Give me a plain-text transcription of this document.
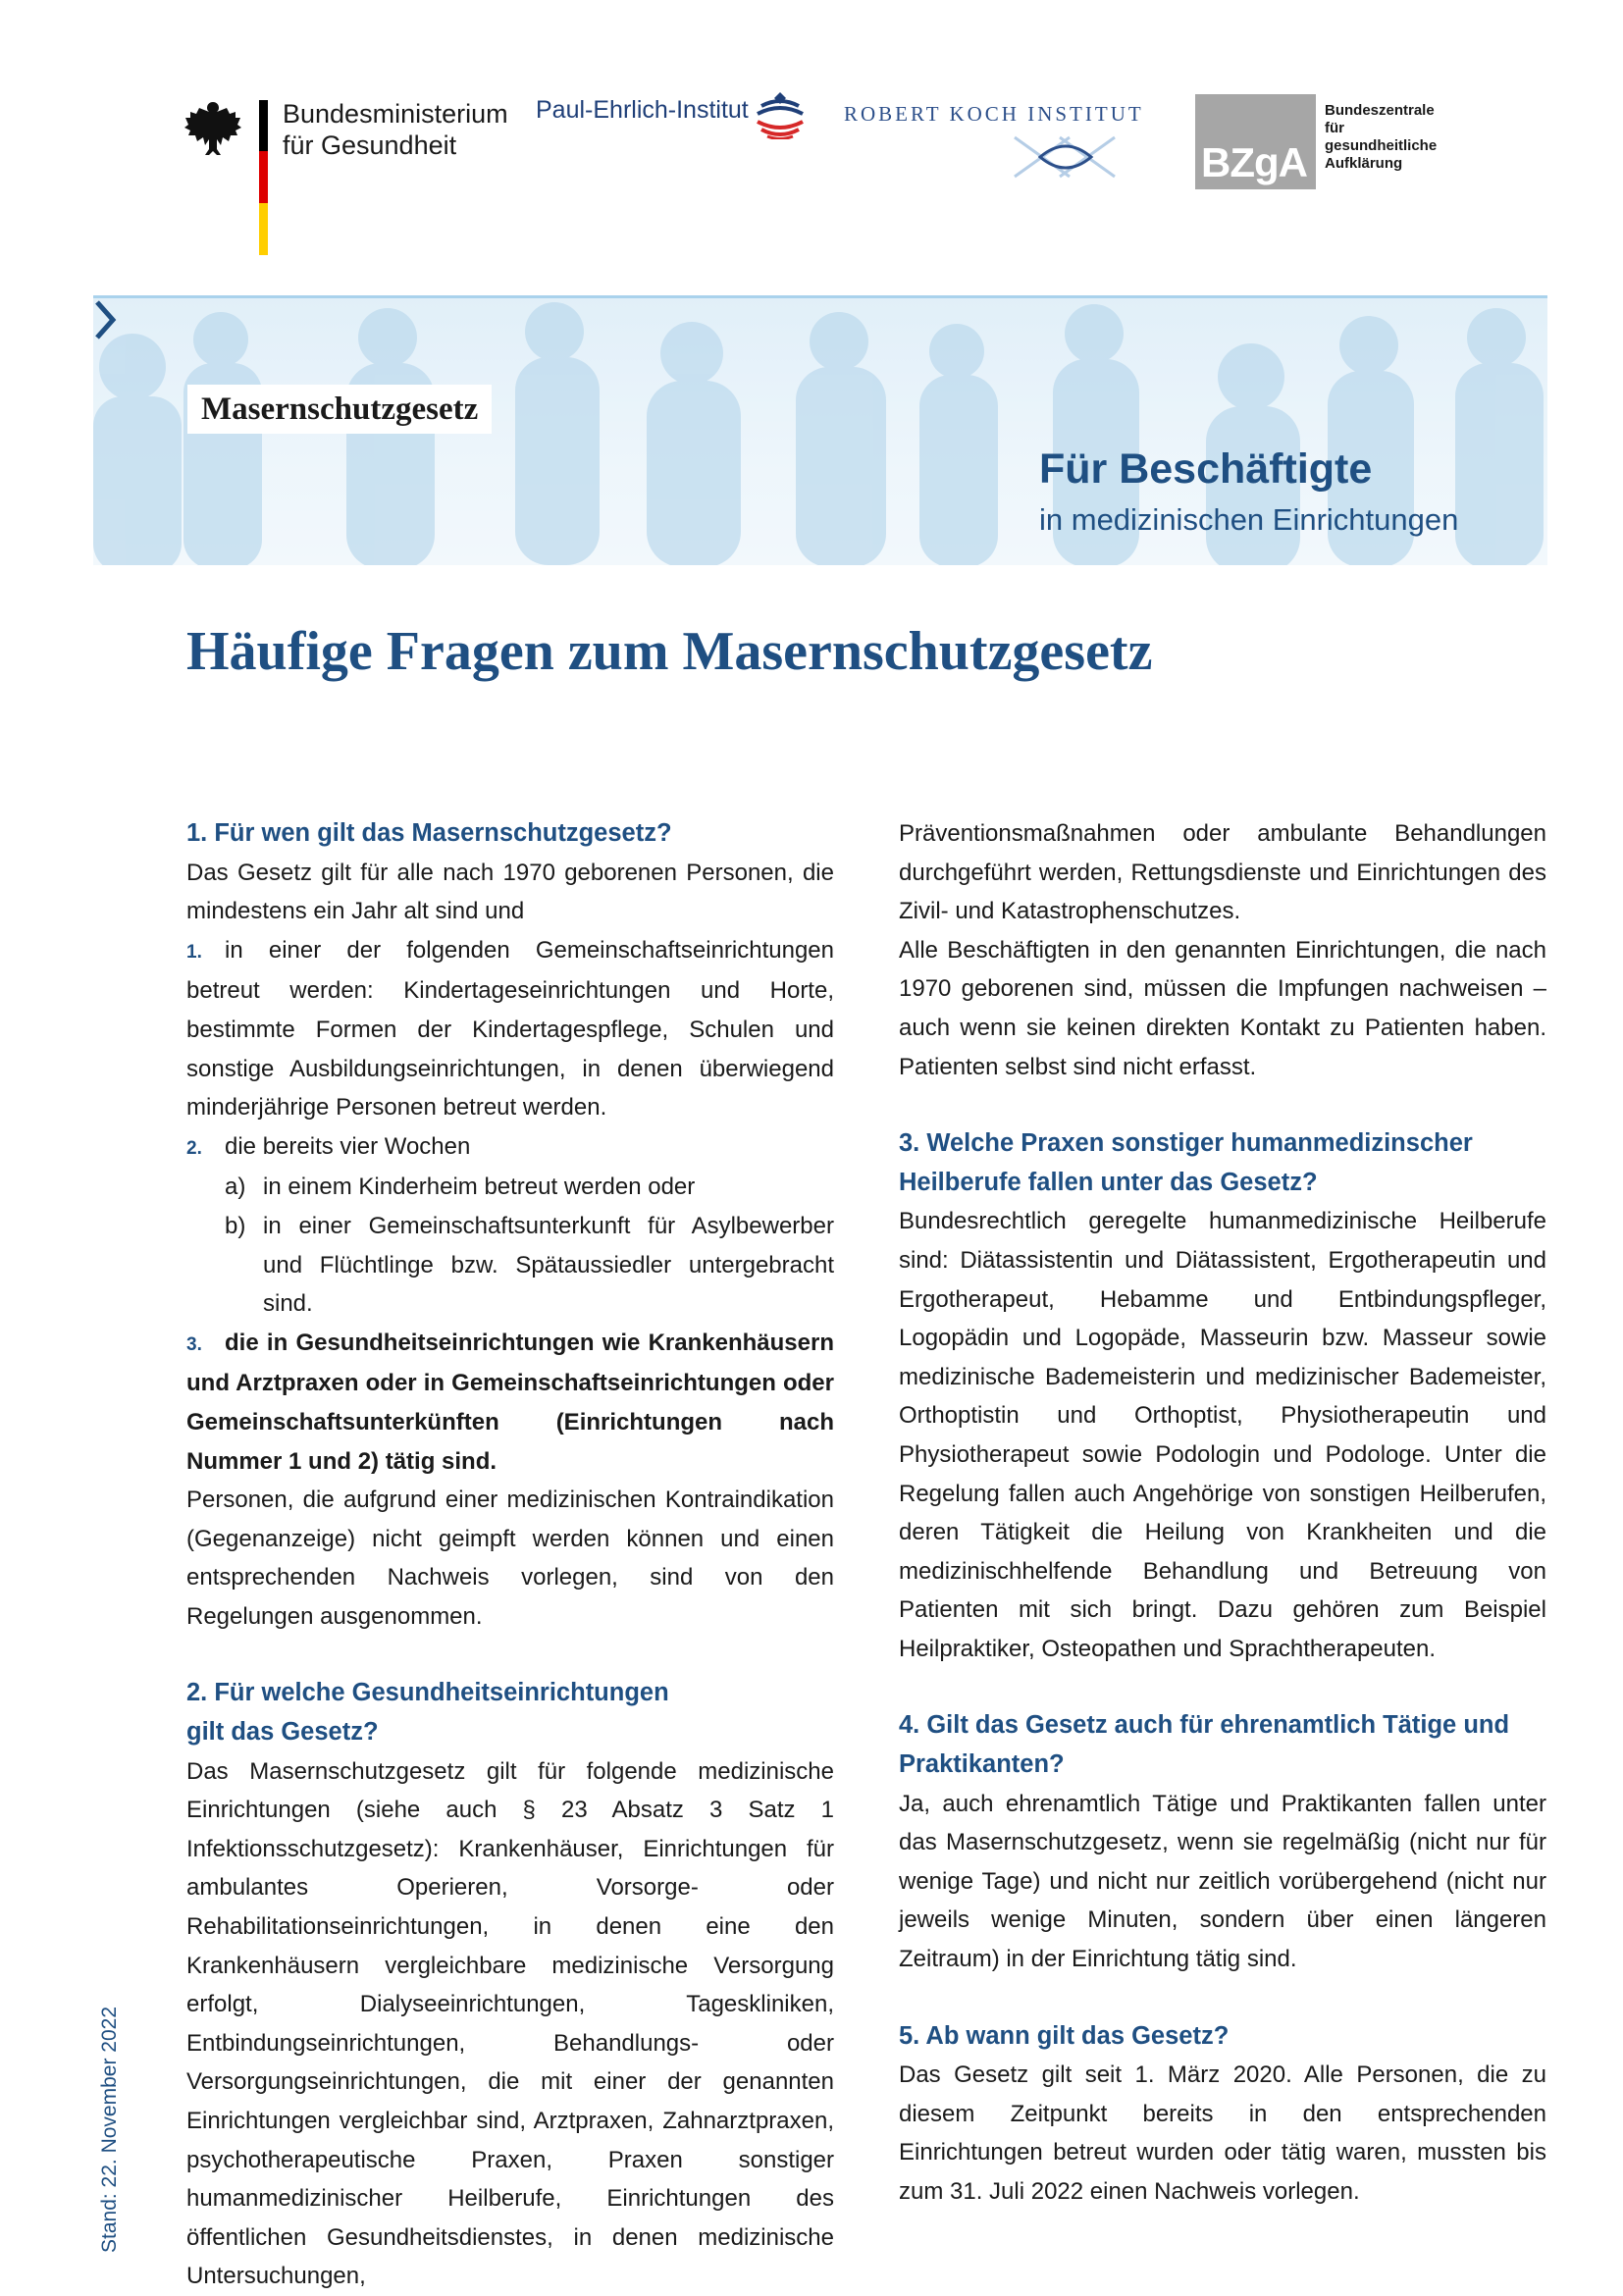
Bundesministerium
für Gesundheit
Paul-Ehrlich-Institut	ROBERT KOCH INSTITUT
BZgA
Bundeszentrale
für
gesundheitliche
Aufklärung
Masernschutzgesetz
Für Beschäftigte
in medizinischen Einrichtungen
Häufige Fragen zum Masernschutzgesetz
1. Für wen gilt das Masernschutzgesetz?

Das Gesetz gilt für alle nach 1970 geborenen Personen, die mindestens ein Jahr alt sind und

1. in einer der folgenden Gemeinschaftseinrichtungen betreut werden: Kindertageseinrichtungen und Horte, bestimmte Formen der Kindertagespflege, Schulen und sonstige Ausbildungseinrichtungen, in denen überwiegend minderjährige Personen betreut werden.

2. die bereits vier Wochen

a) in einem Kinderheim betreut werden oder
b) in einer Gemeinschaftsunterkunft für Asylbewerber und Flüchtlinge bzw. Spätaussiedler untergebracht sind.

3. die in Gesundheitseinrichtungen wie Krankenhäusern und Arztpraxen oder in Gemeinschaftseinrichtungen oder Gemeinschaftsunterkünften (Einrichtungen nach Nummer 1 und 2) tätig sind.

Personen, die aufgrund einer medizinischen Kontraindikation (Gegenanzeige) nicht geimpft werden können und einen entsprechenden Nachweis vorlegen, sind von den Regelungen ausgenommen.

2. Für welche Gesundheitseinrichtungen
gilt das Gesetz?

Das Masernschutzgesetz gilt für folgende medizinische Einrichtungen (siehe auch § 23 Absatz 3 Satz 1 Infektionsschutzgesetz): Krankenhäuser, Einrichtungen für ambulantes Operieren, Vorsorge- oder Rehabilitationseinrichtungen, in denen eine den Krankenhäusern vergleichbare medizinische Versorgung erfolgt, Dialyseeinrichtungen, Tageskliniken, Entbindungseinrichtungen, Behandlungs- oder Versorgungseinrichtungen, die mit einer der genannten Einrichtungen vergleichbar sind, Arztpraxen, Zahnarztpraxen, psychotherapeutische Praxen, Praxen sonstiger humanmedizinischer Heilberufe, Einrichtungen des öffentlichen Gesundheitsdienstes, in denen medizinische Untersuchungen,

Präventionsmaßnahmen oder ambulante Behandlungen durchgeführt werden, Rettungsdienste und Einrichtungen des Zivil- und Katastrophenschutzes.

Alle Beschäftigten in den genannten Einrichtungen, die nach 1970 geborenen sind, müssen die Impfungen nachweisen – auch wenn sie keinen direkten Kontakt zu Patienten haben. Patienten selbst sind nicht erfasst.

3. Welche Praxen sonstiger humanmedizinscher
Heilberufe fallen unter das Gesetz?

Bundesrechtlich geregelte humanmedizinische Heilberufe sind: Diätassistentin und Diätassistent, Ergotherapeutin und Ergotherapeut, Hebamme und Entbindungspfleger, Logopädin und Logopäde, Masseurin bzw. Masseur sowie medizinische Bademeisterin und medizinischer Bademeister, Orthoptistin und Orthoptist, Physiotherapeutin und Physiotherapeut sowie Podologin und Podologe. Unter die Regelung fallen auch Angehörige von sonstigen Heilberufen, deren Tätigkeit die Heilung von Krankheiten und die medizinischhelfende Behandlung und Betreuung von Patienten mit sich bringt. Dazu gehören zum Beispiel Heilpraktiker, Osteopathen und Sprachtherapeuten.

4. Gilt das Gesetz auch für ehrenamtlich Tätige und
Praktikanten?

Ja, auch ehrenamtlich Tätige und Praktikanten fallen unter das Masernschutzgesetz, wenn sie regelmäßig (nicht nur für wenige Tage) und nicht nur zeitlich vorübergehend (nicht nur jeweils wenige Minuten, sondern über einen längeren Zeitraum) in der Einrichtung tätig sind.

5. Ab wann gilt das Gesetz?

Das Gesetz gilt seit 1. März 2020. Alle Personen, die zu diesem Zeitpunkt bereits in den entsprechenden Einrichtungen betreut wurden oder tätig waren, mussten bis zum 31. Juli 2022 einen Nachweis vorlegen.

Stand: 22. November 2022
